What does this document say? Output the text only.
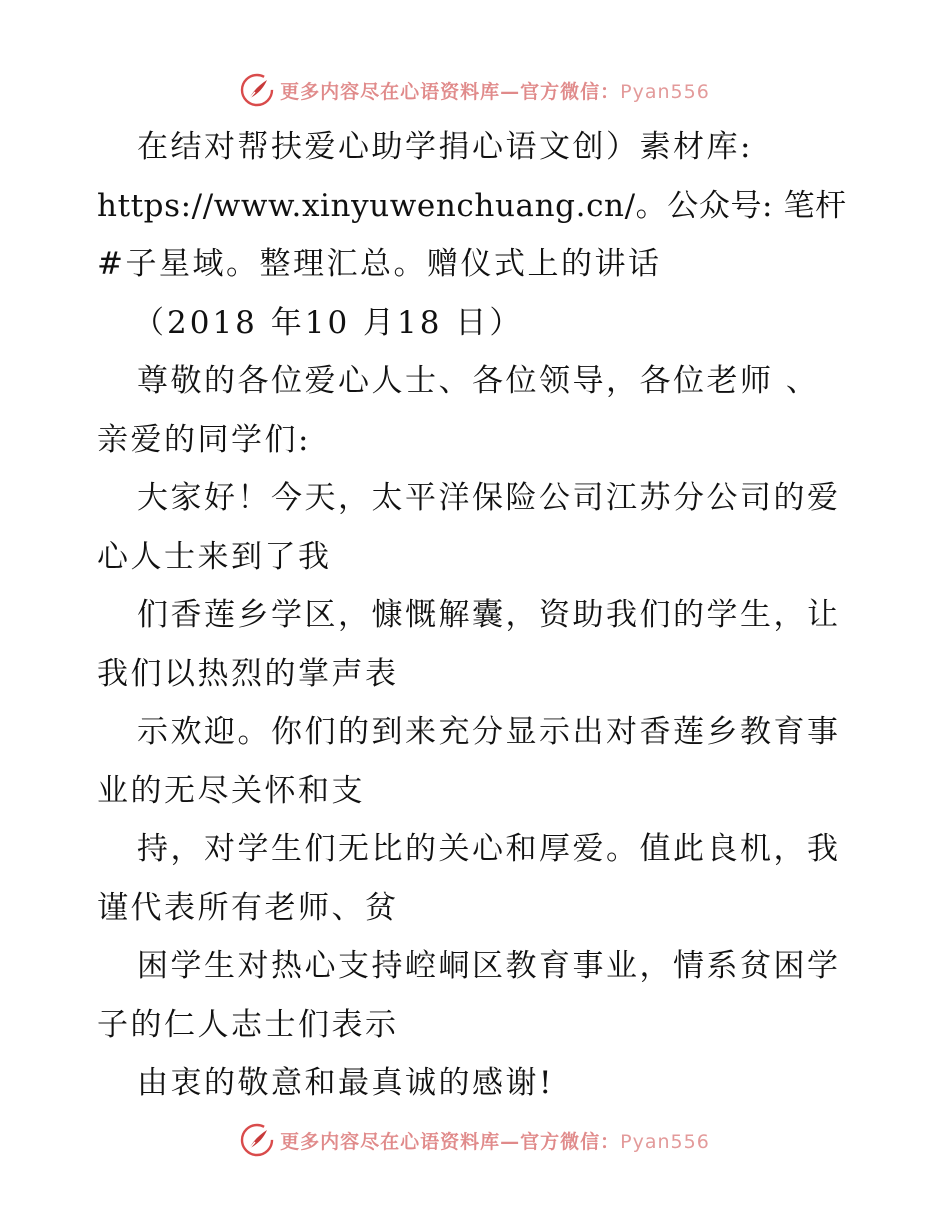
更多内容尽在心语资料库—官方微信：Pyan556
在结对帮扶爱心助学捐心语文创）素材库:
https://www.xinyuwenchuang.cn/。公众号: 笔杆
#子星域。整理汇总。赠仪式上的讲话
（2018 年10 月18 日）
尊敬的各位爱心人士、各位领导，各位老师 、
亲爱的同学们:
大家好！今天，太平洋保险公司江苏分公司的爱
心人士来到了我
们香莲乡学区，慷慨解囊，资助我们的学生，让
我们以热烈的掌声表
示欢迎。你们的到来充分显示出对香莲乡教育事
业的无尽关怀和支
持，对学生们无比的关心和厚爱。值此良机，我
谨代表所有老师、贫
困学生对热心支持崆峒区教育事业，情系贫困学
子的仁人志士们表示
由衷的敬意和最真诚的感谢!
更多内容尽在心语资料库—官方微信：Pyan556
